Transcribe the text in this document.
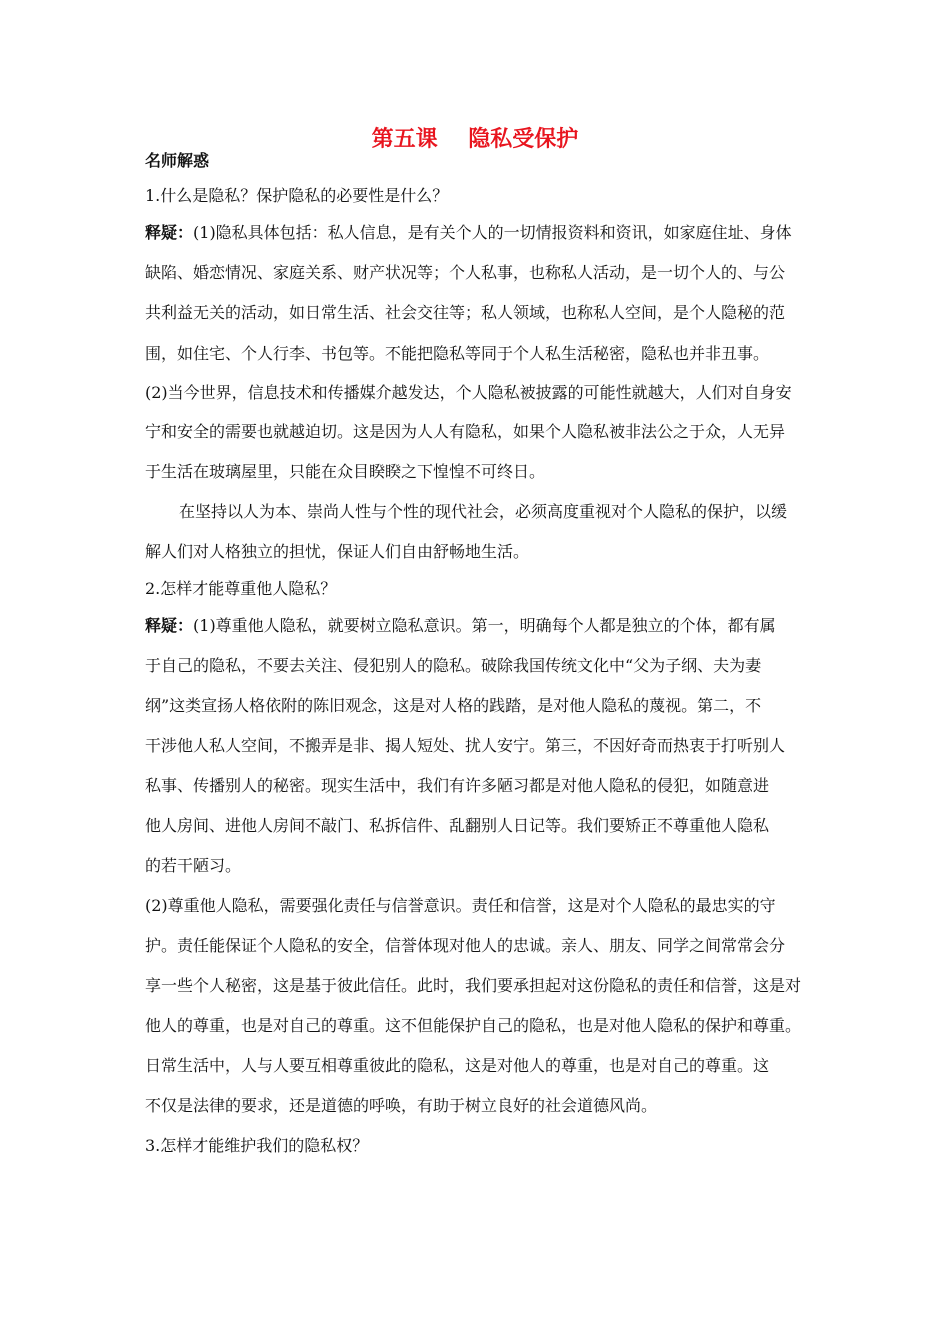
第五课    隐私受保护
名师解惑
1.什么是隐私？保护隐私的必要性是什么？
释疑：(1)隐私具体包括：私人信息，是有关个人的一切情报资料和资讯，如家庭住址、身体
缺陷、婚恋情况、家庭关系、财产状况等；个人私事，也称私人活动，是一切个人的、与公
共利益无关的活动，如日常生活、社会交往等；私人领域，也称私人空间，是个人隐秘的范
围，如住宅、个人行李、书包等。不能把隐私等同于个人私生活秘密，隐私也并非丑事。
(2)当今世界，信息技术和传播媒介越发达，个人隐私被披露的可能性就越大，人们对自身安
宁和安全的需要也就越迫切。这是因为人人有隐私，如果个人隐私被非法公之于众，人无异
于生活在玻璃屋里，只能在众目睽睽之下惶惶不可终日。
在坚持以人为本、崇尚人性与个性的现代社会，必须高度重视对个人隐私的保护，以缓
解人们对人格独立的担忧，保证人们自由舒畅地生活。
2.怎样才能尊重他人隐私？
释疑：(1)尊重他人隐私，就要树立隐私意识。第一，明确每个人都是独立的个体，都有属
于自己的隐私，不要去关注、侵犯别人的隐私。破除我国传统文化中“父为子纲、夫为妻
纲”这类宣扬人格依附的陈旧观念，这是对人格的践踏，是对他人隐私的蔑视。第二，不
干涉他人私人空间，不搬弄是非、揭人短处、扰人安宁。第三，不因好奇而热衷于打听别人
私事、传播别人的秘密。现实生活中，我们有许多陋习都是对他人隐私的侵犯，如随意进
他人房间、进他人房间不敲门、私拆信件、乱翻别人日记等。我们要矫正不尊重他人隐私
的若干陋习。
(2)尊重他人隐私，需要强化责任与信誉意识。责任和信誉，这是对个人隐私的最忠实的守
护。责任能保证个人隐私的安全，信誉体现对他人的忠诚。亲人、朋友、同学之间常常会分
享一些个人秘密，这是基于彼此信任。此时，我们要承担起对这份隐私的责任和信誉，这是对
他人的尊重，也是对自己的尊重。这不但能保护自己的隐私，也是对他人隐私的保护和尊重。
日常生活中，人与人要互相尊重彼此的隐私，这是对他人的尊重，也是对自己的尊重。这
不仅是法律的要求，还是道德的呼唤，有助于树立良好的社会道德风尚。
3.怎样才能维护我们的隐私权？
